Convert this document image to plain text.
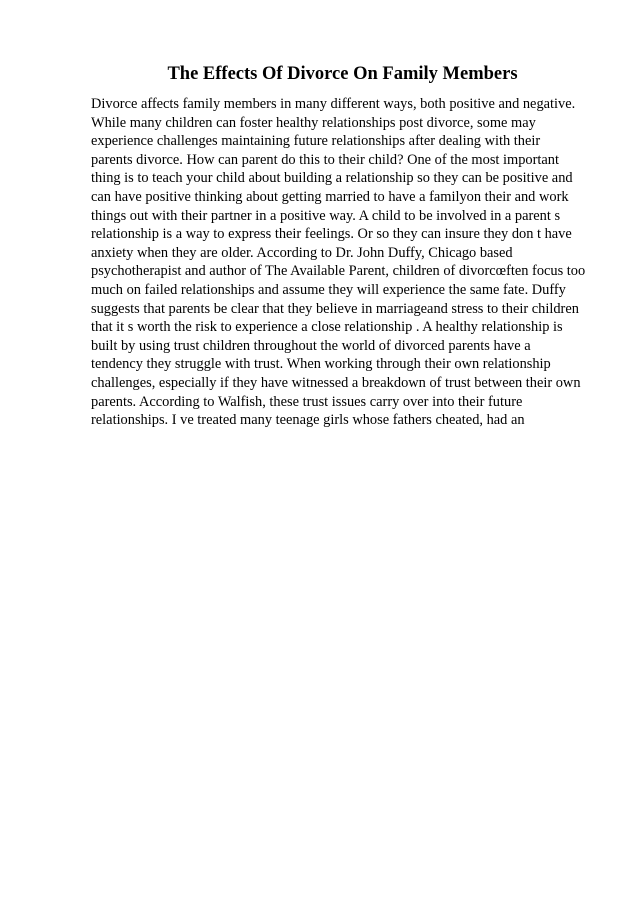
The Effects Of Divorce On Family Members
Divorce affects family members in many different ways, both positive and negative.
While many children can foster healthy relationships post divorce, some may
experience challenges maintaining future relationships after dealing with their
parents divorce. How can parent do this to their child? One of the most important
thing is to teach your child about building a relationship so they can be positive and
can have positive thinking about getting married to have a familyon their and work
things out with their partner in a positive way. A child to be involved in a parent s
relationship is a way to express their feelings. Or so they can insure they don t have
anxiety when they are older. According to Dr. John Duffy, Chicago based
psychotherapist and author of The Available Parent, children of divorcœften focus too
much on failed relationships and assume they will experience the same fate. Duffy
suggests that parents be clear that they believe in marriageand stress to their children
that it s worth the risk to experience a close relationship . A healthy relationship is
built by using trust children throughout the world of divorced parents have a
tendency they struggle with trust. When working through their own relationship
challenges, especially if they have witnessed a breakdown of trust between their own
parents. According to Walfish, these trust issues carry over into their future
relationships. I ve treated many teenage girls whose fathers cheated, had an
